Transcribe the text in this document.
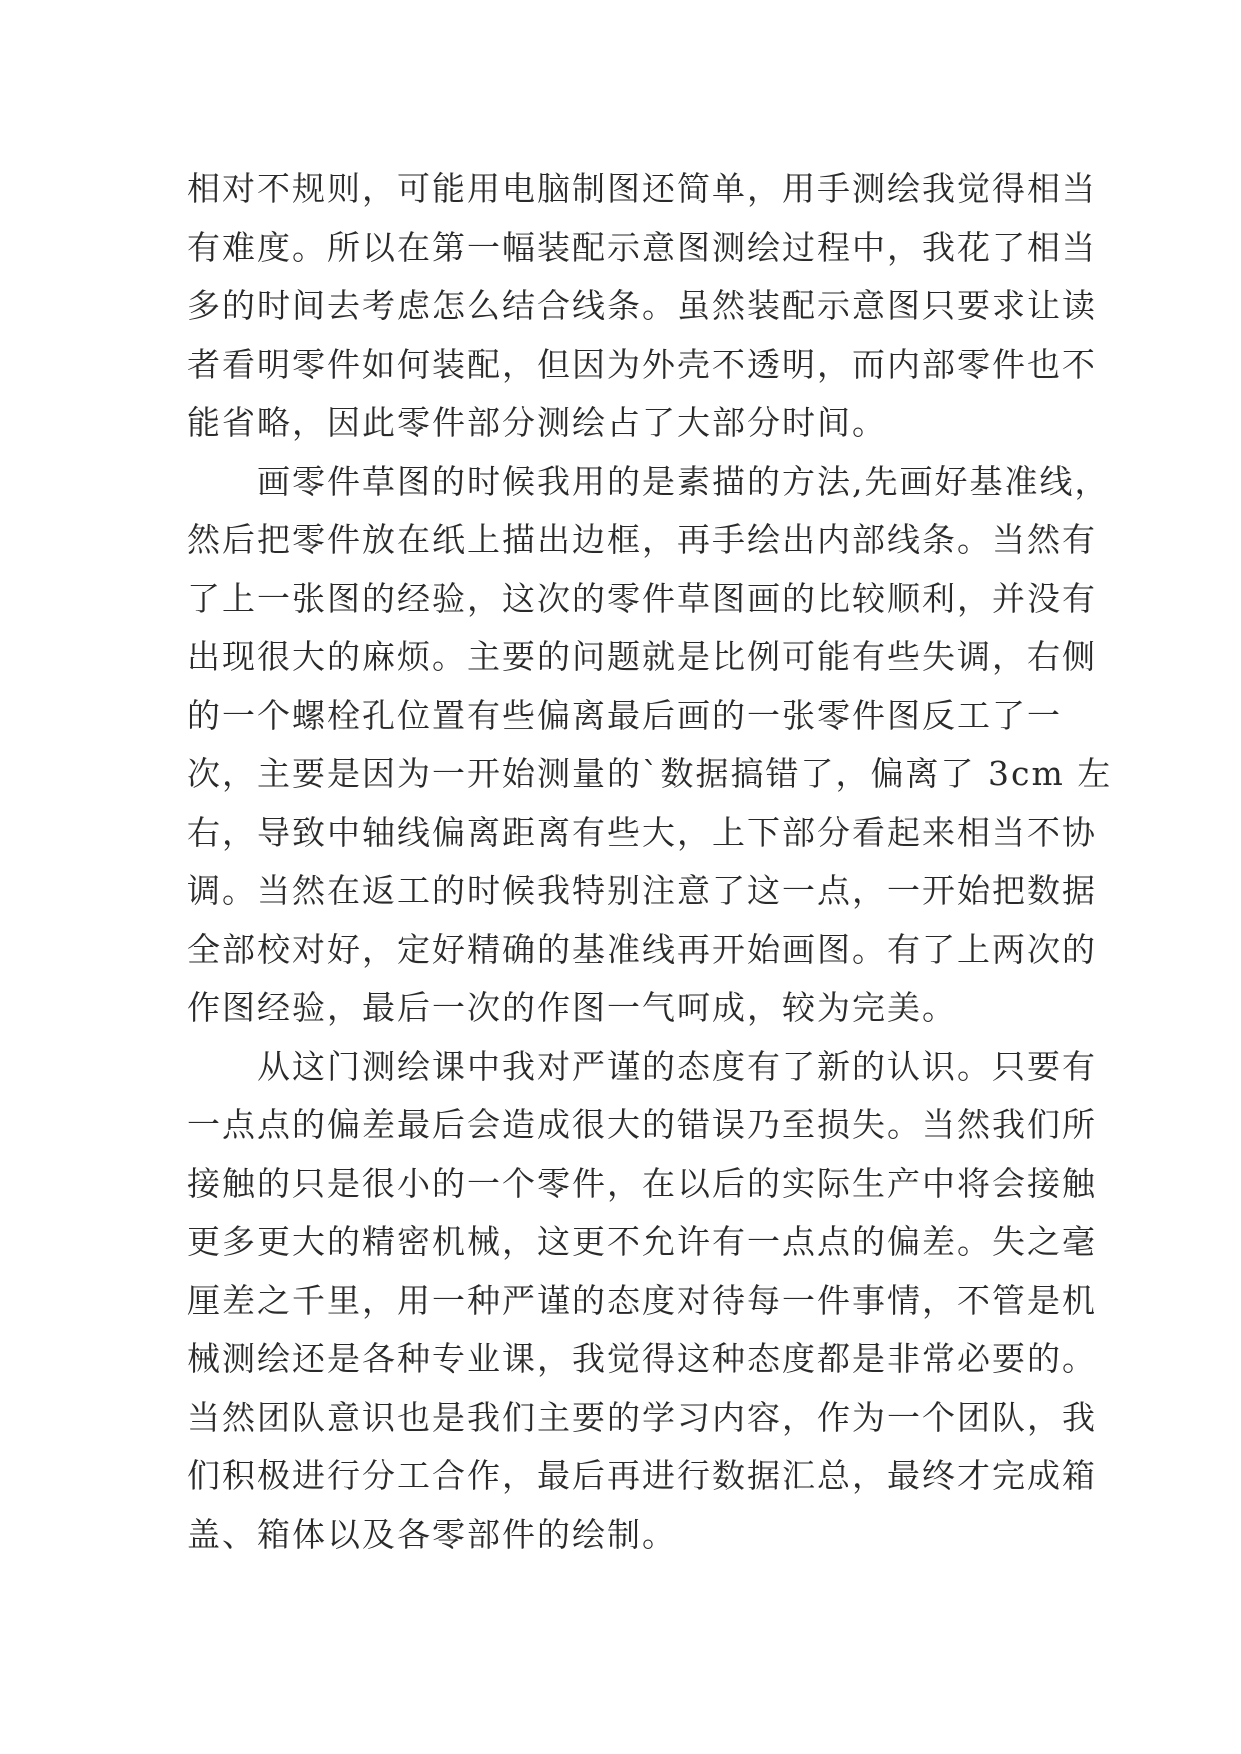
相对不规则，可能用电脑制图还简单，用手测绘我觉得相当
有难度。所以在第一幅装配示意图测绘过程中，我花了相当
多的时间去考虑怎么结合线条。虽然装配示意图只要求让读
者看明零件如何装配，但因为外壳不透明，而内部零件也不
能省略，因此零件部分测绘占了大部分时间。
　　画零件草图的时候我用的是素描的方法,先画好基准线，
然后把零件放在纸上描出边框，再手绘出内部线条。当然有
了上一张图的经验，这次的零件草图画的比较顺利，并没有
出现很大的麻烦。主要的问题就是比例可能有些失调，右侧
的一个螺栓孔位置有些偏离最后画的一张零件图反工了一
次，主要是因为一开始测量的`数据搞错了，偏离了 3cm 左
右，导致中轴线偏离距离有些大，上下部分看起来相当不协
调。当然在返工的时候我特别注意了这一点，一开始把数据
全部校对好，定好精确的基准线再开始画图。有了上两次的
作图经验，最后一次的作图一气呵成，较为完美。
　　从这门测绘课中我对严谨的态度有了新的认识。只要有
一点点的偏差最后会造成很大的错误乃至损失。当然我们所
接触的只是很小的一个零件，在以后的实际生产中将会接触
更多更大的精密机械，这更不允许有一点点的偏差。失之毫
厘差之千里，用一种严谨的态度对待每一件事情，不管是机
械测绘还是各种专业课，我觉得这种态度都是非常必要的。
当然团队意识也是我们主要的学习内容，作为一个团队，我
们积极进行分工合作，最后再进行数据汇总，最终才完成箱
盖、箱体以及各零部件的绘制。
